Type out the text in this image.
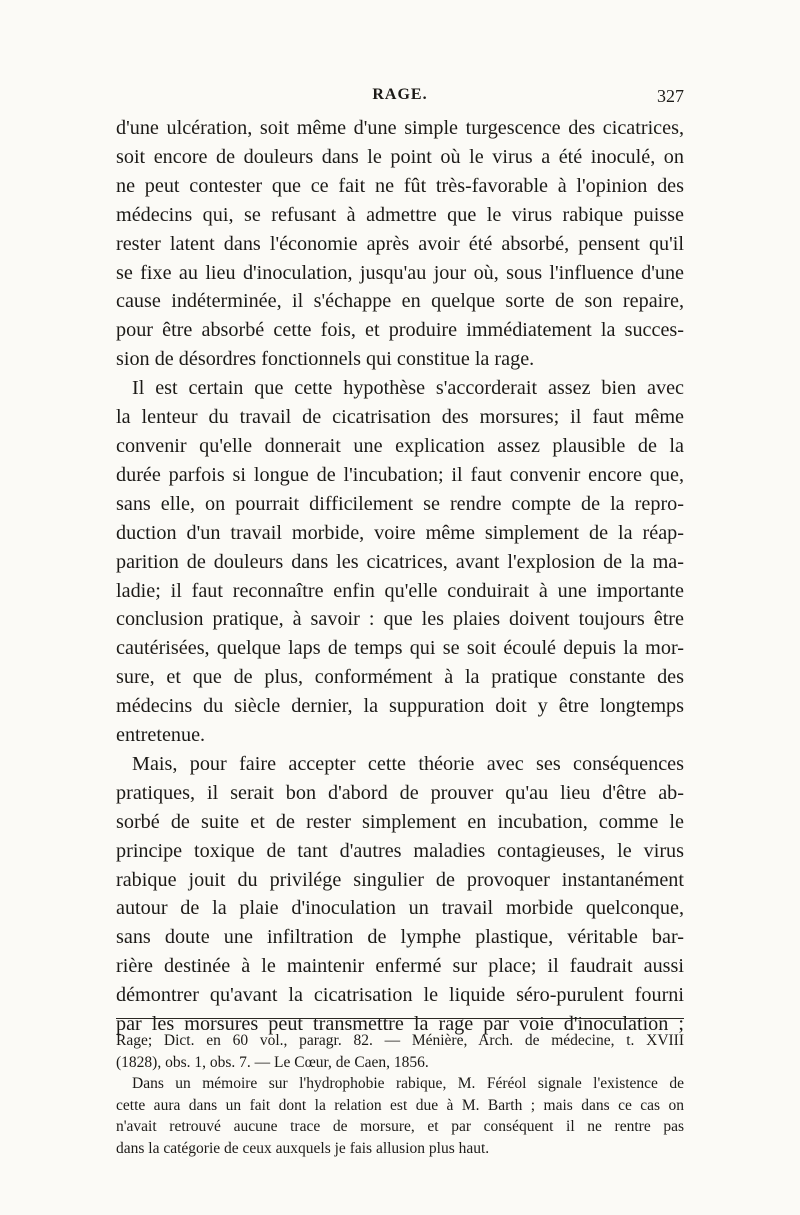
RAGE.	327
d'une ulcération, soit même d'une simple turgescence des cicatrices,
soit encore de douleurs dans le point où le virus a été inoculé, on
ne peut contester que ce fait ne fût très-favorable à l'opinion des
médecins qui, se refusant à admettre que le virus rabique puisse
rester latent dans l'économie après avoir été absorbé, pensent qu'il
se fixe au lieu d'inoculation, jusqu'au jour où, sous l'influence d'une
cause indéterminée, il s'échappe en quelque sorte de son repaire,
pour être absorbé cette fois, et produire immédiatement la succes-
sion de désordres fonctionnels qui constitue la rage.
Il est certain que cette hypothèse s'accorderait assez bien avec
la lenteur du travail de cicatrisation des morsures; il faut même
convenir qu'elle donnerait une explication assez plausible de la
durée parfois si longue de l'incubation; il faut convenir encore que,
sans elle, on pourrait difficilement se rendre compte de la repro-
duction d'un travail morbide, voire même simplement de la réap-
parition de douleurs dans les cicatrices, avant l'explosion de la ma-
ladie; il faut reconnaître enfin qu'elle conduirait à une importante
conclusion pratique, à savoir : que les plaies doivent toujours être
cautérisées, quelque laps de temps qui se soit écoulé depuis la mor-
sure, et que de plus, conformément à la pratique constante des
médecins du siècle dernier, la suppuration doit y être longtemps
entretenue.
Mais, pour faire accepter cette théorie avec ses conséquences
pratiques, il serait bon d'abord de prouver qu'au lieu d'être ab-
sorbé de suite et de rester simplement en incubation, comme le
principe toxique de tant d'autres maladies contagieuses, le virus
rabique jouit du privilége singulier de provoquer instantanément
autour de la plaie d'inoculation un travail morbide quelconque,
sans doute une infiltration de lymphe plastique, véritable bar-
rière destinée à le maintenir enfermé sur place; il faudrait aussi
démontrer qu'avant la cicatrisation le liquide séro-purulent fourni
par les morsures peut transmettre la rage par voie d'inoculation ;
Rage; Dict. en 60 vol., paragr. 82. — Ménière, Arch. de médecine, t. XVIII
(1828), obs. 1, obs. 7. — Le Cœur, de Caen, 1856.
Dans un mémoire sur l'hydrophobie rabique, M. Féréol signale l'existence de
cette aura dans un fait dont la relation est due à M. Barth ; mais dans ce cas on
n'avait retrouvé aucune trace de morsure, et par conséquent il ne rentre pas
dans la catégorie de ceux auxquels je fais allusion plus haut.
